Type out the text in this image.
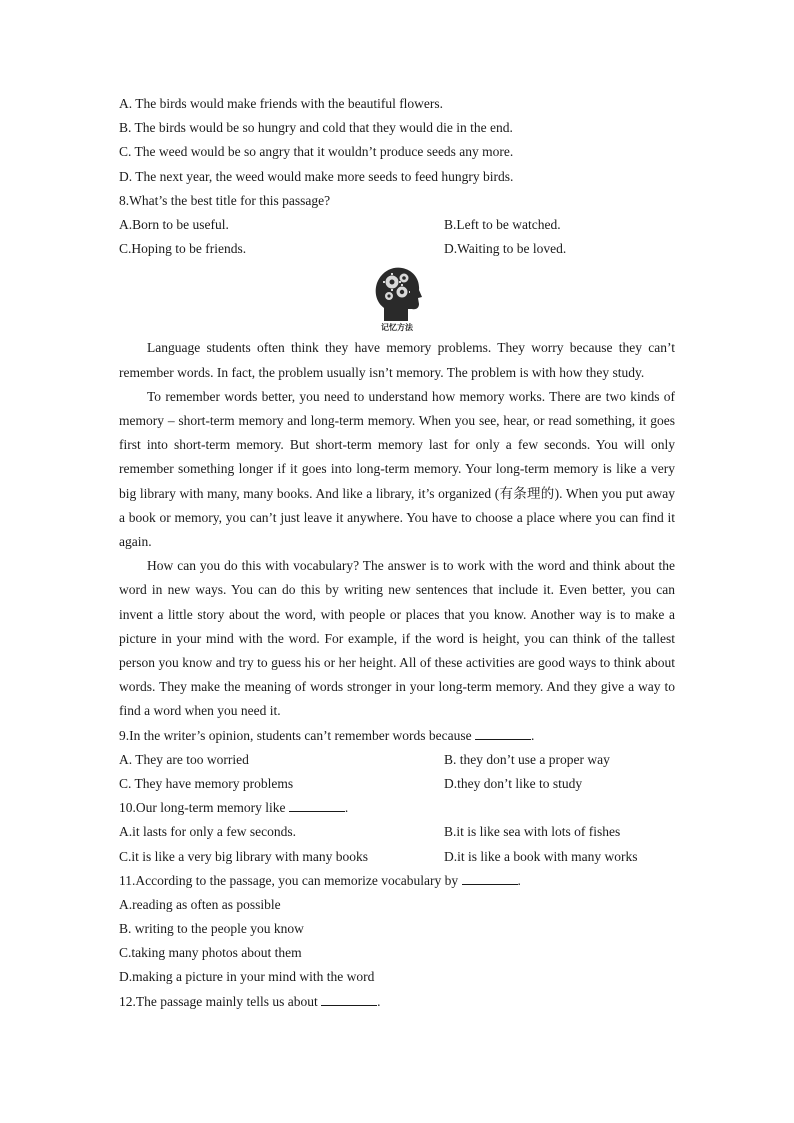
A. The birds would make friends with the beautiful flowers.
B. The birds would be so hungry and cold that they would die in the end.
C. The weed would be so angry that it wouldn’t produce seeds any more.
D. The next year, the weed would make more seeds to feed hungry birds.
8.What’s the best title for this passage?
A.Born to be useful.	B.Left to be watched.
C.Hoping to be friends.	D.Waiting to be loved.
记忆方法
Language students often think they have memory problems. They worry because they can’t remember words. In fact, the problem usually isn’t memory. The problem is with how they study.
To remember words better, you need to understand how memory works. There are two kinds of memory – short-term memory and long-term memory. When you see, hear, or read something, it goes first into short-term memory. But short-term memory last for only a few seconds. You will only remember something longer if it goes into long-term memory. Your long-term memory is like a very big library with many, many books. And like a library, it’s organized (有条理的). When you put away a book or memory, you can’t just leave it anywhere. You have to choose a place where you can find it again.
How can you do this with vocabulary? The answer is to work with the word and think about the word in new ways. You can do this by writing new sentences that include it. Even better, you can invent a little story about the word, with people or places that you know. Another way is to make a picture in your mind with the word. For example, if the word is height, you can think of the tallest person you know and try to guess his or her height. All of these activities are good ways to think about words. They make the meaning of words stronger in your long-term memory. And they give a way to find a word when you need it.
9.In the writer’s opinion, students can’t remember words because	.
A. They are too worried	B. they don’t use a proper way
C. They have memory problems	D.they don’t like to study
10.Our long-term memory like	.
A.it lasts for only a few seconds.	B.it is like sea with lots of fishes
C.it is like a very big library with many books	D.it is like a book with many works
11.According to the passage, you can memorize vocabulary by	.
A.reading as often as possible
B. writing to the people you know
C.taking many photos about them
D.making a picture in your mind with the word
12.The passage mainly tells us about	.
